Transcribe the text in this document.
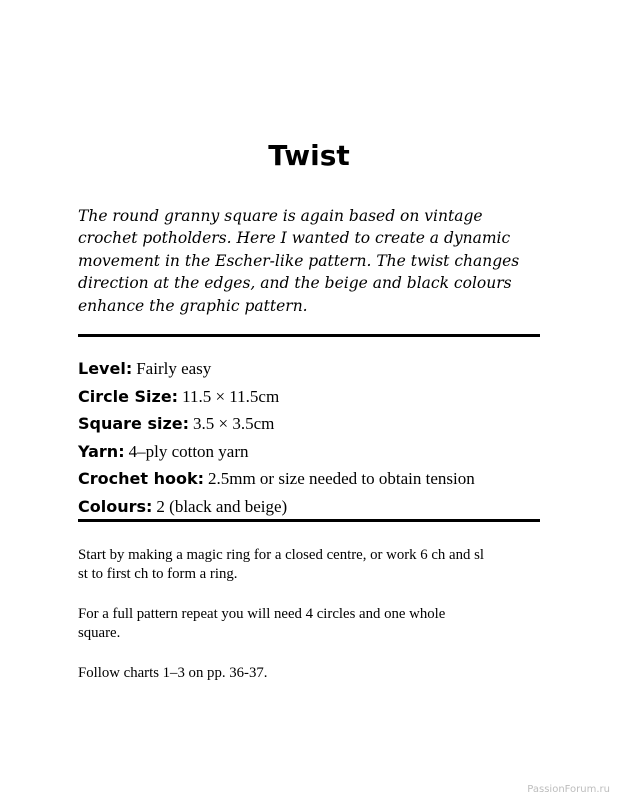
Twist

The round granny square is again based on vintage
crochet potholders. Here I wanted to create a dynamic
movement in the Escher-like pattern. The twist changes
direction at the edges, and the beige and black colours
enhance the graphic pattern.

Level: Fairly easy
Circle Size: 11.5 × 11.5cm
Square size: 3.5 × 3.5cm
Yarn: 4–ply cotton yarn
Crochet hook: 2.5mm or size needed to obtain tension
Colours: 2 (black and beige)

Start by making a magic ring for a closed centre, or work 6 ch and sl
st to first ch to form a ring.

For a full pattern repeat you will need 4 circles and one whole
square.

Follow charts 1–3 on pp. 36-37.

PassionForum.ru
